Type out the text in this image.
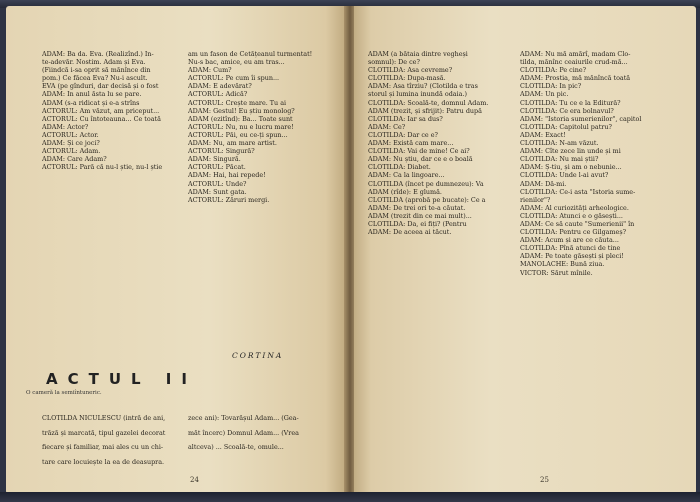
ADAM: Ba da. Eva. (Realizînd.) In-

te-adevăr. Nostim. Adam și Eva.

(Fiindcă i-sa oprit să mănînce din

pom.) Ce făcea Eva? Nu-i ascult.

EVA (pe gînduri, dar decisă și o fost

ADAM: In anul ăsta lu se pare.

ADAM (s-a ridicat și e-a strîns

ACTORUL: Am văzut, am priceput...

ACTORUL: Cu întoteauna... Ce toată

ADAM: Actor?

ACTORUL: Actor.

ADAM: Și ce joci?

ACTORUL: Adam.

ADAM: Care Adam?

ACTORUL: Pară că nu-l știe, nu-l știe

am un fason de Cetățeanul turmentat!

Nu-s bac, amice, eu am tras...

ADAM: Cum?

ACTORUL: Pe cum îi spun...

ADAM: E adevărat?

ACTORUL: Adică?

ACTORUL: Crește mare. Tu ai

ADAM: Gestul! Eu știu monolog?

ADAM (ezitînd): Ba... Toate sunt

ACTORUL: Nu, nu e lucru mare!

ACTORUL: Păi, eu ce-ți spun...

ADAM: Nu, am mare artist.

ACTORUL: Singură?

ADAM: Singură.

ACTORUL: Păcat.

ADAM: Hai, hai repede!

ACTORUL: Unde?

ADAM: Sunt gata.

ACTORUL: Zăruri mergi.

CORTINA
ACTUL II
O cameră la semiîntuneric.

CLOTILDA NICULESCU (intră de ani,

trăză și marcată, tipul gazelei decorat

fiecare și familiar, mai ales cu un chi-

tare care locuiește la ea de deasupra.

zece ani): Tovarășul Adam... (Gea-

măt încerc) Domnul Adam... (Vrea

altceva) ... Scoală-te, omule...

24

ADAM (a bătaia dintre vegheși

somnul): De ce?

CLOTILDA: Asa cevreme?

CLOTILDA: Dupa-masă.

ADAM: Asa tîrziu? (Clotilda e tras

storul și lumina inundă odaia.)

CLOTILDA: Scoală-te, domnul Adam.

ADAM (trezit, și sfrijit): Patru după

CLOTILDA: Iar sa dus?

ADAM: Ce?

CLOTILDA: Dar ce e?

ADAM: Există cam mare...

CLOTILDA: Vai de mine! Ce ai?

ADAM: Nu știu, dar ce e o boală

CLOTILDA: Diabet.

ADAM: Ca la lingoare...

CLOTILDA (încet pe dumnezeu): Va

ADAM (rîde): E glumă.

CLOTILDA (aprobă pe bucate): Ce a

ADAM: De trei ori te-a căutat.

ADAM (trezit din ce mai mult)...

CLOTILDA: Da, ei fiți? (Pentru

ADAM: De aceea ai tăcut.

ADAM: Nu mă amărî, madam Clo-

tilda, mănînc ceaiurile crud-mă...

CLOTILDA: Pe cine?

ADAM: Prostia, mă mănîncă toată

CLOTILDA: In pic?

ADAM: Un pic.

CLOTILDA: Tu ce e la Editură?

CLOTILDA: Ce era bolnavul?

ADAM: "Istoria sumerienilor", capitol

CLOTILDA: Capitolul patru?

ADAM: Exact!

CLOTILDA: N-am văzut.

ADAM: Cîte zece lin unde și mi

CLOTILDA: Nu mai știi?

ADAM: Ș-tiu, și am o nebunie...

CLOTILDA: Unde l-ai avut?

ADAM: Dă-mi.

CLOTILDA: Ce-i asta "Istoria sume-

rienilor"?

ADAM: Al curiozități arheologice.

CLOTILDA: Atunci e o găsești...

ADAM: Ce să caute "Sumerienii" în

CLOTILDA: Pentru ce Gilgameș?

ADAM: Acum și are ce căuta...

CLOTILDA: Pînă atunci de tine

ADAM: Pe toate găsești și pleci!

MANOLACHE: Bună ziua.

VICTOR: Sărut mînile.

25
